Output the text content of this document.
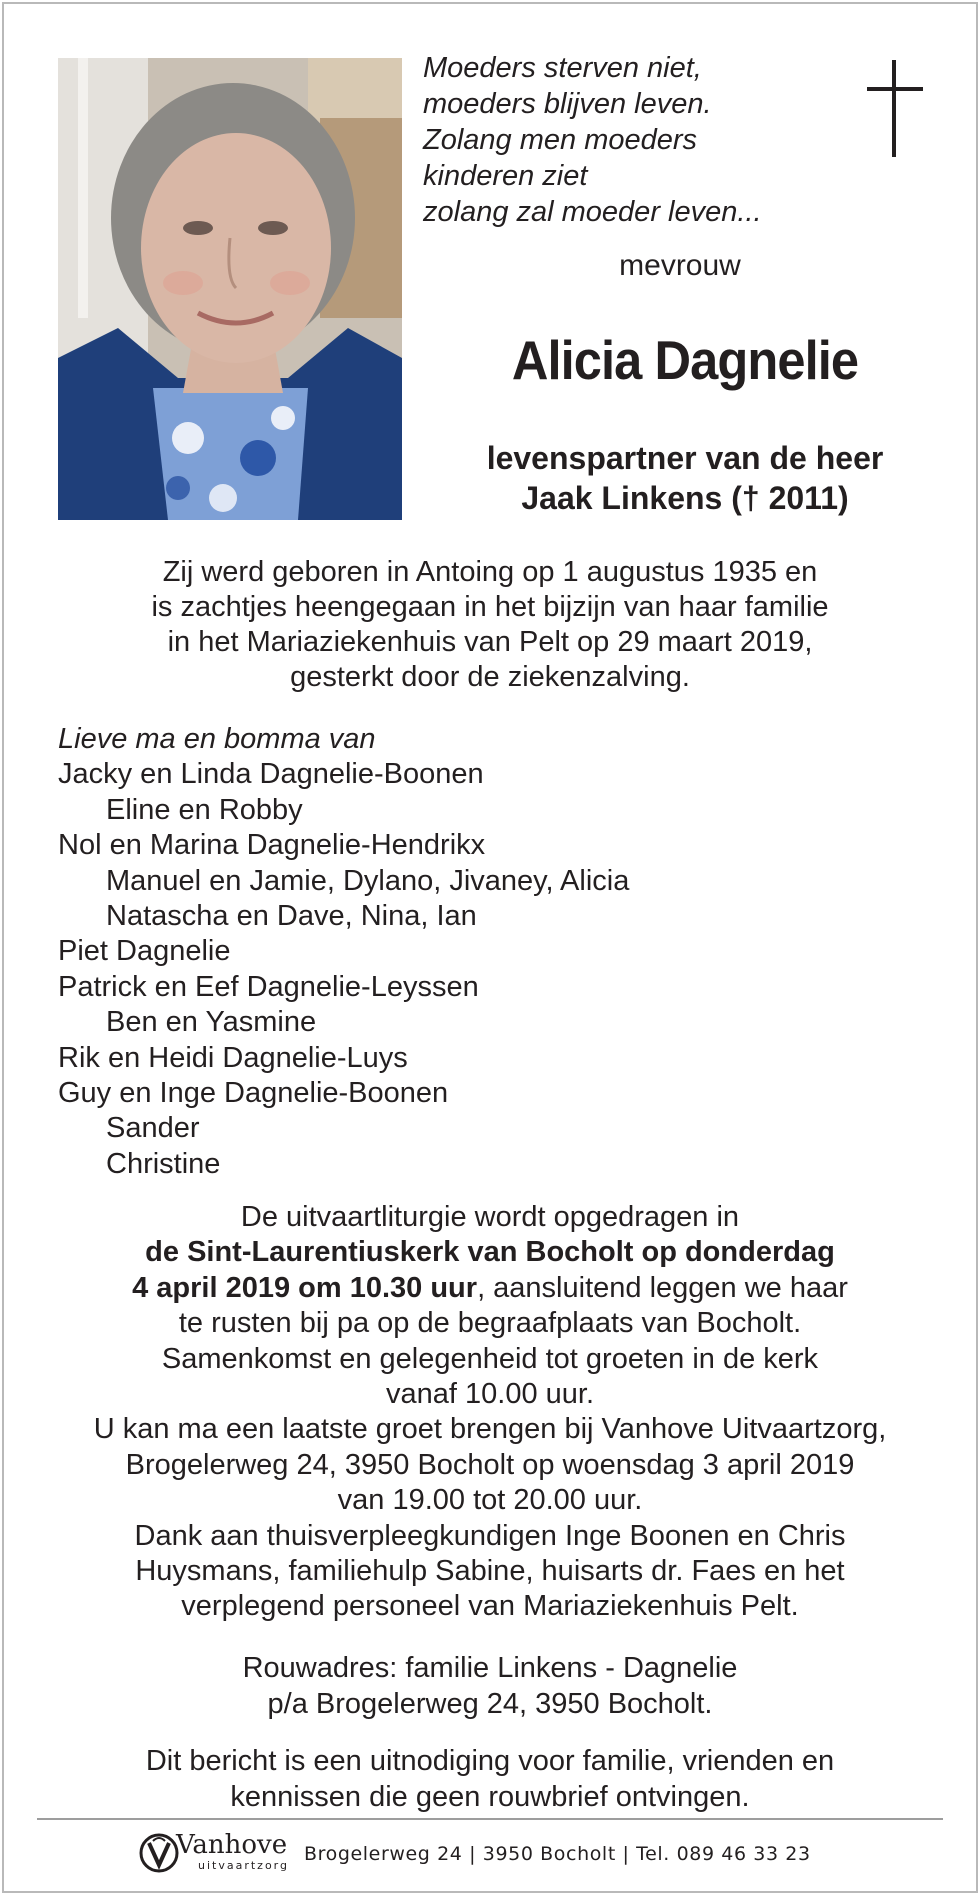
Moeders sterven niet,
moeders blijven leven.
Zolang men moeders
kinderen ziet
zolang zal moeder leven...
mevrouw
Alicia Dagnelie
levenspartner van de heer
Jaak Linkens († 2011)
Zij werd geboren in Antoing op 1 augustus 1935 en
is zachtjes heengegaan in het bijzijn van haar familie
in het Mariaziekenhuis van Pelt op 29 maart 2019,
gesterkt door de ziekenzalving.
Lieve ma en bomma van
Jacky en Linda Dagnelie-Boonen
Eline en Robby
Nol en Marina Dagnelie-Hendrikx
Manuel en Jamie, Dylano, Jivaney, Alicia
Natascha en Dave, Nina, Ian
Piet Dagnelie
Patrick en Eef Dagnelie-Leyssen
Ben en Yasmine
Rik en Heidi Dagnelie-Luys
Guy en Inge Dagnelie-Boonen
Sander
Christine
De uitvaartliturgie wordt opgedragen in
de Sint-Laurentiuskerk van Bocholt op donderdag
4 april 2019 om 10.30 uur, aansluitend leggen we haar
te rusten bij pa op de begraafplaats van Bocholt.
Samenkomst en gelegenheid tot groeten in de kerk
vanaf 10.00 uur.
U kan ma een laatste groet brengen bij Vanhove Uitvaartzorg,
Brogelerweg 24, 3950 Bocholt op woensdag 3 april 2019
van 19.00 tot 20.00 uur.
Dank aan thuisverpleegkundigen Inge Boonen en Chris
Huysmans, familiehulp Sabine, huisarts dr. Faes en het
verplegend personeel van Mariaziekenhuis Pelt.
Rouwadres: familie Linkens - Dagnelie
p/a Brogelerweg 24, 3950 Bocholt.
Dit bericht is een uitnodiging voor familie, vrienden en
kennissen die geen rouwbrief ontvingen.
Vanhove
uitvaartzorg
Brogelerweg 24 | 3950 Bocholt | Tel. 089 46 33 23
